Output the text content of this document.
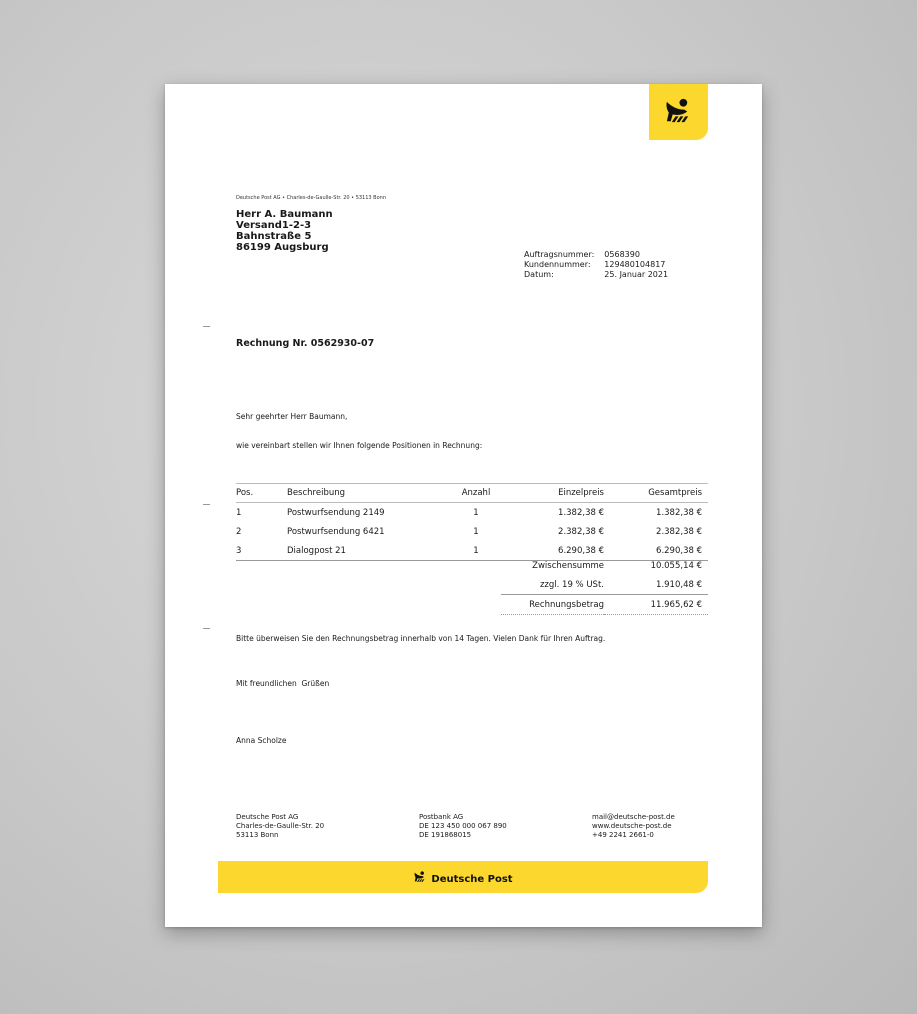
Deutsche Post AG • Charles-de-Gaulle-Str. 20 • 53113 Bonn
Herr A. Baumann
Versand1-2-3
Bahnstraße 5
86199 Augsburg
Auftragsnummer:	0568390
Kundennummer:	129480104817
Datum:	25. Januar 2021
Rechnung Nr. 0562930-07
Sehr geehrter Herr Baumann,
wie vereinbart stellen wir Ihnen folgende Positionen in Rechnung:
Pos.	Beschreibung	Anzahl	Einzelpreis	Gesamtpreis
1	Postwurfsendung 2149	1	1.382,38 €	1.382,38 €
2	Postwurfsendung 6421	1	2.382,38 €	2.382,38 €
3	Dialogpost 21	1	6.290,38 €	6.290,38 €
Zwischensumme	10.055,14 €
zzgl. 19 % USt.	1.910,48 €
Rechnungsbetrag	11.965,62 €
Bitte überweisen Sie den Rechnungsbetrag innerhalb von 14 Tagen. Vielen Dank für Ihren Auftrag.
Mit freundlichen  Grüßen
Anna Scholze
Deutsche Post AG
Charles-de-Gaulle-Str. 20
53113 Bonn
Postbank AG
DE 123 450 000 067 890
DE 191868015
mail@deutsche-post.de
www.deutsche-post.de
+49 2241 2661-0
Deutsche Post
